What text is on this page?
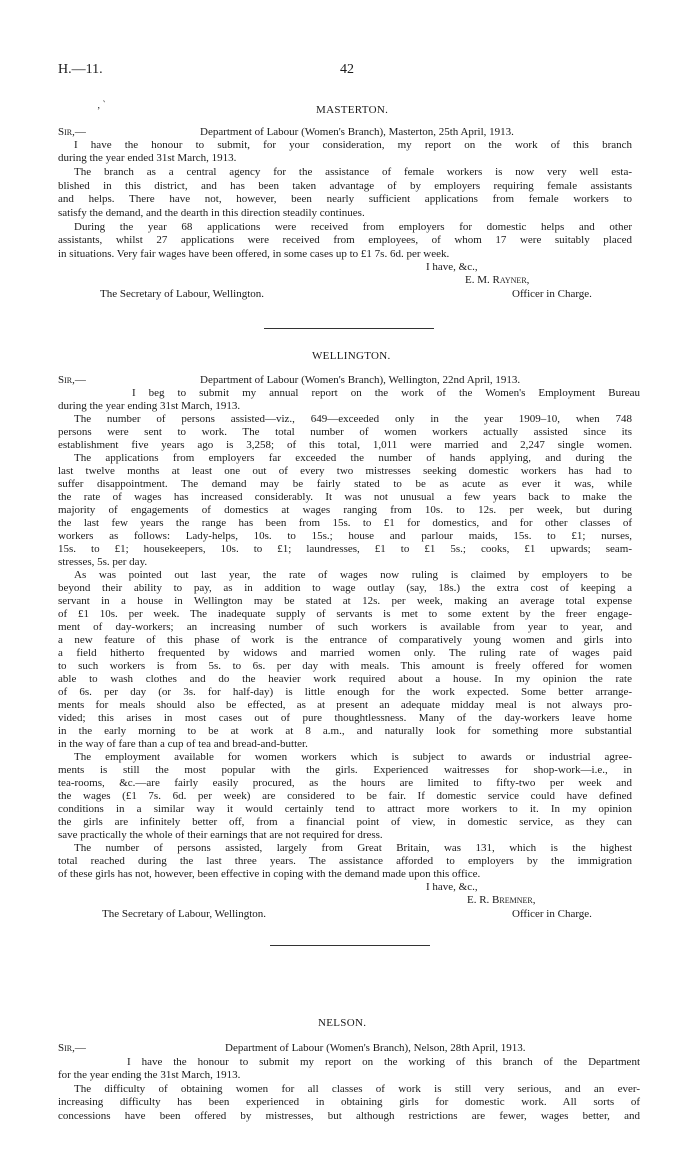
H.—11.	42
‚ ‵	MASTERTON.
Sir,—	Department of Labour (Women's Branch), Masterton, 25th April, 1913.
I have the honour to submit, for your consideration, my report on the work of this branch
during the year ended 31st March, 1913.
The branch as a central agency for the assistance of female workers is now very well esta-
blished in this district, and has been taken advantage of by employers requiring female assistants
and helps. There have not, however, been nearly sufficient applications from female workers to
satisfy the demand, and the dearth in this direction steadily continues.
During the year 68 applications were received from employers for domestic helps and other
assistants, whilst 27 applications were received from employees, of whom 17 were suitably placed
in situations. Very fair wages have been offered, in some cases up to £1 7s. 6d. per week.
I have, &c.,
E. M. Rayner,
The Secretary of Labour, Wellington.	Officer in Charge.
WELLINGTON.
Sir,—	Department of Labour (Women's Branch), Wellington, 22nd April, 1913.
I beg to submit my annual report on the work of the Women's Employment Bureau
during the year ending 31st March, 1913.
The number of persons assisted—viz., 649—exceeded only in the year 1909–10, when 748
persons were sent to work. The total number of women workers actually assisted since its
establishment five years ago is 3,258; of this total, 1,011 were married and 2,247 single women.
The applications from employers far exceeded the number of hands applying, and during the
last twelve months at least one out of every two mistresses seeking domestic workers has had to
suffer disappointment. The demand may be fairly stated to be as acute as ever it was, while
the rate of wages has increased considerably. It was not unusual a few years back to make the
majority of engagements of domestics at wages ranging from 10s. to 12s. per week, but during
the last few years the range has been from 15s. to £1 for domestics, and for other classes of
workers as follows: Lady-helps, 10s. to 15s.; house and parlour maids, 15s. to £1; nurses,
15s. to £1; housekeepers, 10s. to £1; laundresses, £1 to £1 5s.; cooks, £1 upwards; seam-
stresses, 5s. per day.
As was pointed out last year, the rate of wages now ruling is claimed by employers to be
beyond their ability to pay, as in addition to wage outlay (say, 18s.) the extra cost of keeping a
servant in a house in Wellington may be stated at 12s. per week, making an average total expense
of £1 10s. per week. The inadequate supply of servants is met to some extent by the freer engage-
ment of day-workers; an increasing number of such workers is available from year to year, and
a new feature of this phase of work is the entrance of comparatively young women and girls into
a field hitherto frequented by widows and married women only. The ruling rate of wages paid
to such workers is from 5s. to 6s. per day with meals. This amount is freely offered for women
able to wash clothes and do the heavier work required about a house. In my opinion the rate
of 6s. per day (or 3s. for half-day) is little enough for the work expected. Some better arrange-
ments for meals should also be effected, as at present an adequate midday meal is not always pro-
vided; this arises in most cases out of pure thoughtlessness. Many of the day-workers leave home
in the early morning to be at work at 8 a.m., and naturally look for something more substantial
in the way of fare than a cup of tea and bread-and-butter.
The employment available for women workers which is subject to awards or industrial agree-
ments is still the most popular with the girls. Experienced waitresses for shop-work—i.e., in
tea-rooms, &c.—are fairly easily procured, as the hours are limited to fifty-two per week and
the wages (£1 7s. 6d. per week) are considered to be fair. If domestic service could have defined
conditions in a similar way it would certainly tend to attract more workers to it. In my opinion
the girls are infinitely better off, from a financial point of view, in domestic service, as they can
save practically the whole of their earnings that are not required for dress.
The number of persons assisted, largely from Great Britain, was 131, which is the highest
total reached during the last three years. The assistance afforded to employers by the immigration
of these girls has not, however, been effective in coping with the demand made upon this office.
I have, &c.,
E. R. Bremner,
The Secretary of Labour, Wellington.	Officer in Charge.
NELSON.
Sir,—	Department of Labour (Women's Branch), Nelson, 28th April, 1913.
I have the honour to submit my report on the working of this branch of the Department
for the year ending the 31st March, 1913.
The difficulty of obtaining women for all classes of work is still very serious, and an ever-
increasing difficulty has been experienced in obtaining girls for domestic work. All sorts of
concessions have been offered by mistresses, but although restrictions are fewer, wages better, and
